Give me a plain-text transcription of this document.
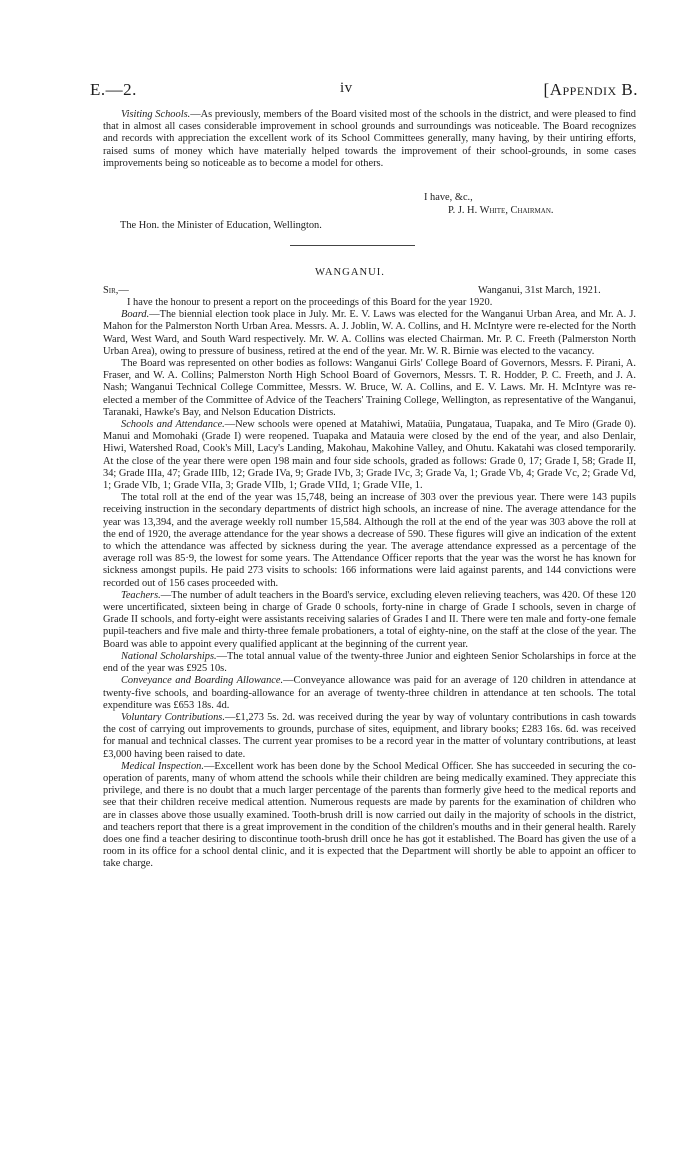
E.—2.	iv	[Appendix B.

Visiting Schools.—As previously, members of the Board visited most of the schools in the district, and were pleased to find that in almost all cases considerable improvement in school grounds and surroundings was noticeable. The Board recognizes and records with appreciation the excellent work of its School Committees generally, many having, by their untiring efforts, raised sums of money which have materially helped towards the improvement of their school-grounds, in some cases improvements being so noticeable as to become a model for others.

I have, &c.,
P. J. H. White, Chairman.
The Hon. the Minister of Education, Wellington.
WANGANUI.
Sir,—	Wanganui, 31st March, 1921.

I have the honour to present a report on the proceedings of this Board for the year 1920.

Board.—The biennial election took place in July. Mr. E. V. Laws was elected for the Wanganui Urban Area, and Mr. A. J. Mahon for the Palmerston North Urban Area. Messrs. A. J. Joblin, W. A. Collins, and H. McIntyre were re-elected for the North Ward, West Ward, and South Ward respectively. Mr. W. A. Collins was elected Chairman. Mr. P. C. Freeth (Palmerston North Urban Area), owing to pressure of business, retired at the end of the year. Mr. W. R. Birnie was elected to the vacancy.

The Board was represented on other bodies as follows: Wanganui Girls' College Board of Governors, Messrs. F. Pirani, A. Fraser, and W. A. Collins; Palmerston North High School Board of Governors, Messrs. T. R. Hodder, P. C. Freeth, and J. A. Nash; Wanganui Technical College Committee, Messrs. W. Bruce, W. A. Collins, and E. V. Laws. Mr. H. McIntyre was re-elected a member of the Committee of Advice of the Teachers' Training College, Wellington, as representative of the Wanganui, Taranaki, Hawke's Bay, and Nelson Education Districts.

Schools and Attendance.—New schools were opened at Matahiwi, Mataüia, Pungataua, Tuapaka, and Te Miro (Grade 0). Manui and Momohaki (Grade I) were reopened. Tuapaka and Matauia were closed by the end of the year, and also Denlair, Hiwi, Watershed Road, Cook's Mill, Lacy's Landing, Makohau, Makohine Valley, and Ohutu. Kakatahi was closed temporarily. At the close of the year there were open 198 main and four side schools, graded as follows: Grade 0, 17; Grade I, 58; Grade II, 34; Grade IIIa, 47; Grade IIIb, 12; Grade IVa, 9; Grade IVb, 3; Grade IVc, 3; Grade Va, 1; Grade Vb, 4; Grade Vc, 2; Grade Vd, 1; Grade VIb, 1; Grade VIIa, 3; Grade VIIb, 1; Grade VIId, 1; Grade VIIe, 1.

The total roll at the end of the year was 15,748, being an increase of 303 over the previous year. There were 143 pupils receiving instruction in the secondary departments of district high schools, an increase of nine. The average attendance for the year was 13,394, and the average weekly roll number 15,584. Although the roll at the end of the year was 303 above the roll at the end of 1920, the average attendance for the year shows a decrease of 590. These figures will give an indication of the extent to which the attendance was affected by sickness during the year. The average attendance expressed as a percentage of the average roll was 85·9, the lowest for some years. The Attendance Officer reports that the year was the worst he has known for sickness amongst pupils. He paid 273 visits to schools: 166 informations were laid against parents, and 144 convictions were recorded out of 156 cases proceeded with.

Teachers.—The number of adult teachers in the Board's service, excluding eleven relieving teachers, was 420. Of these 120 were uncertificated, sixteen being in charge of Grade 0 schools, forty-nine in charge of Grade I schools, seven in charge of Grade II schools, and forty-eight were assistants receiving salaries of Grades I and II. There were ten male and forty-one female pupil-teachers and five male and thirty-three female probationers, a total of eighty-nine, on the staff at the close of the year. The Board was able to appoint every qualified applicant at the beginning of the current year.

National Scholarships.—The total annual value of the twenty-three Junior and eighteen Senior Scholarships in force at the end of the year was £925 10s.

Conveyance and Boarding Allowance.—Conveyance allowance was paid for an average of 120 children in attendance at twenty-five schools, and boarding-allowance for an average of twenty-three children in attendance at ten schools. The total expenditure was £653 18s. 4d.

Voluntary Contributions.—£1,273 5s. 2d. was received during the year by way of voluntary contributions in cash towards the cost of carrying out improvements to grounds, purchase of sites, equipment, and library books; £283 16s. 6d. was received for manual and technical classes. The current year promises to be a record year in the matter of voluntary contributions, at least £3,000 having been raised to date.

Medical Inspection.—Excellent work has been done by the School Medical Officer. She has succeeded in securing the co-operation of parents, many of whom attend the schools while their children are being medically examined. They appreciate this privilege, and there is no doubt that a much larger percentage of the parents than formerly give heed to the medical reports and see that their children receive medical attention. Numerous requests are made by parents for the examination of children who are in classes above those usually examined. Tooth-brush drill is now carried out daily in the majority of schools in the district, and teachers report that there is a great improvement in the condition of the children's mouths and in their general health. Rarely does one find a teacher desiring to discontinue tooth-brush drill once he has got it established. The Board has given the use of a room in its office for a school dental clinic, and it is expected that the Department will shortly be able to appoint an officer to take charge.
